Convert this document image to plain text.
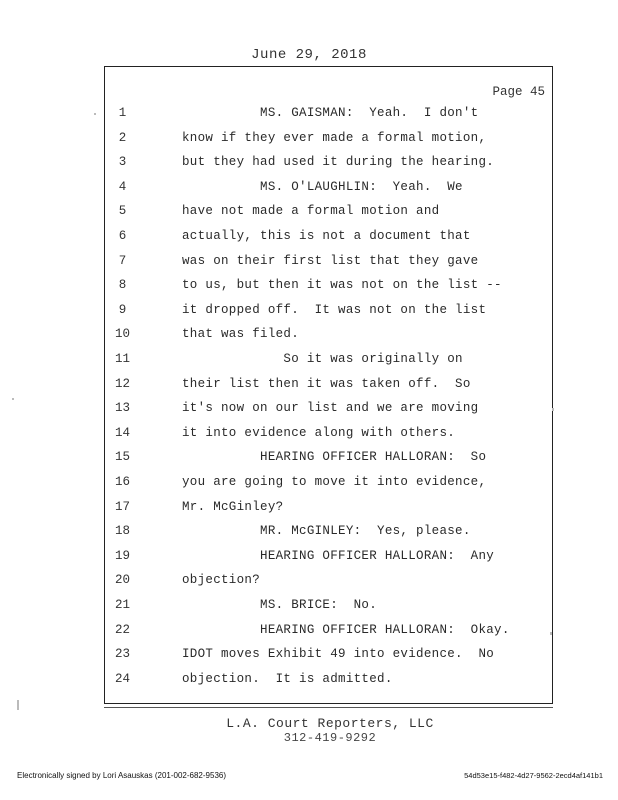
June 29, 2018
Page 45
1	MS. GAISMAN:  Yeah.  I don't
2	know if they ever made a formal motion,
3	but they had used it during the hearing.
4	MS. O'LAUGHLIN:  Yeah.  We
5	have not made a formal motion and
6	actually, this is not a document that
7	was on their first list that they gave
8	to us, but then it was not on the list --
9	it dropped off.  It was not on the list
10	that was filed.
11	So it was originally on
12	their list then it was taken off.  So
13	it's now on our list and we are moving
14	it into evidence along with others.
15	HEARING OFFICER HALLORAN:  So
16	you are going to move it into evidence,
17	Mr. McGinley?
18	MR. McGINLEY:  Yes, please.
19	HEARING OFFICER HALLORAN:  Any
20	objection?
21	MS. BRICE:  No.
22	HEARING OFFICER HALLORAN:  Okay.
23	IDOT moves Exhibit 49 into evidence.  No
24	objection.  It is admitted.
L.A. Court Reporters, LLC
312-419-9292
Electronically signed by Lori Asauskas (201-002-682-9536)	54d53e15-f482-4d27-9562-2ecd4af141b1
